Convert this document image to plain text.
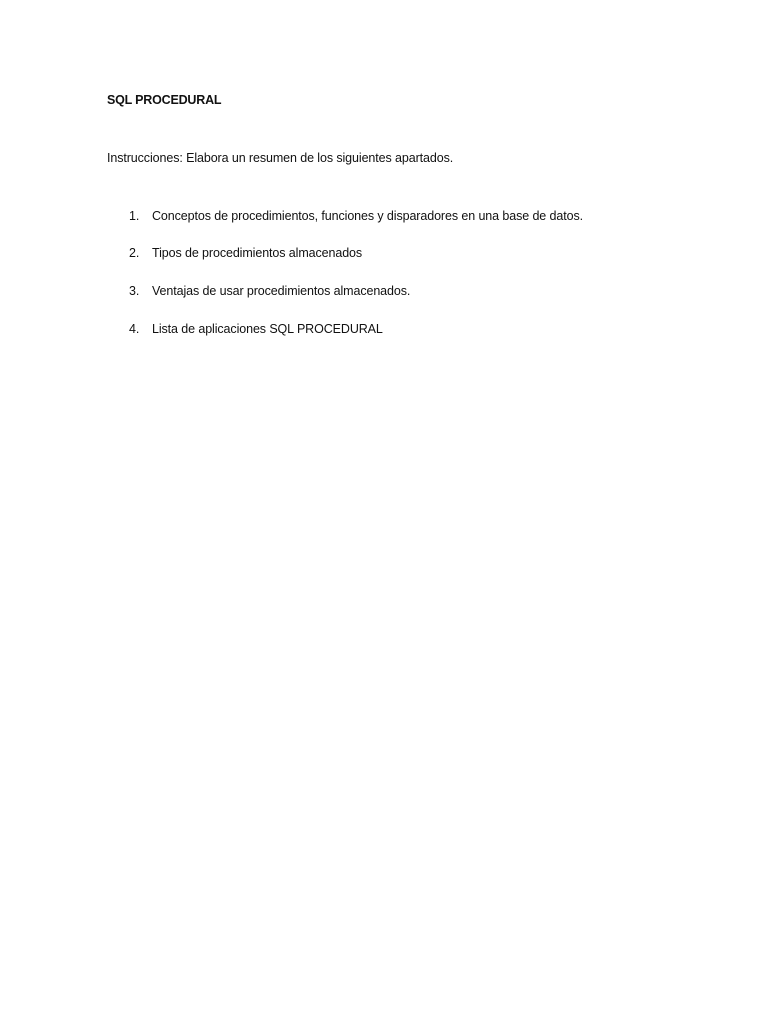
SQL PROCEDURAL
Instrucciones: Elabora un resumen de los siguientes apartados.
1. Conceptos de procedimientos, funciones y disparadores en una base de datos.
2. Tipos de procedimientos almacenados
3. Ventajas de usar procedimientos almacenados.
4. Lista de aplicaciones SQL PROCEDURAL
